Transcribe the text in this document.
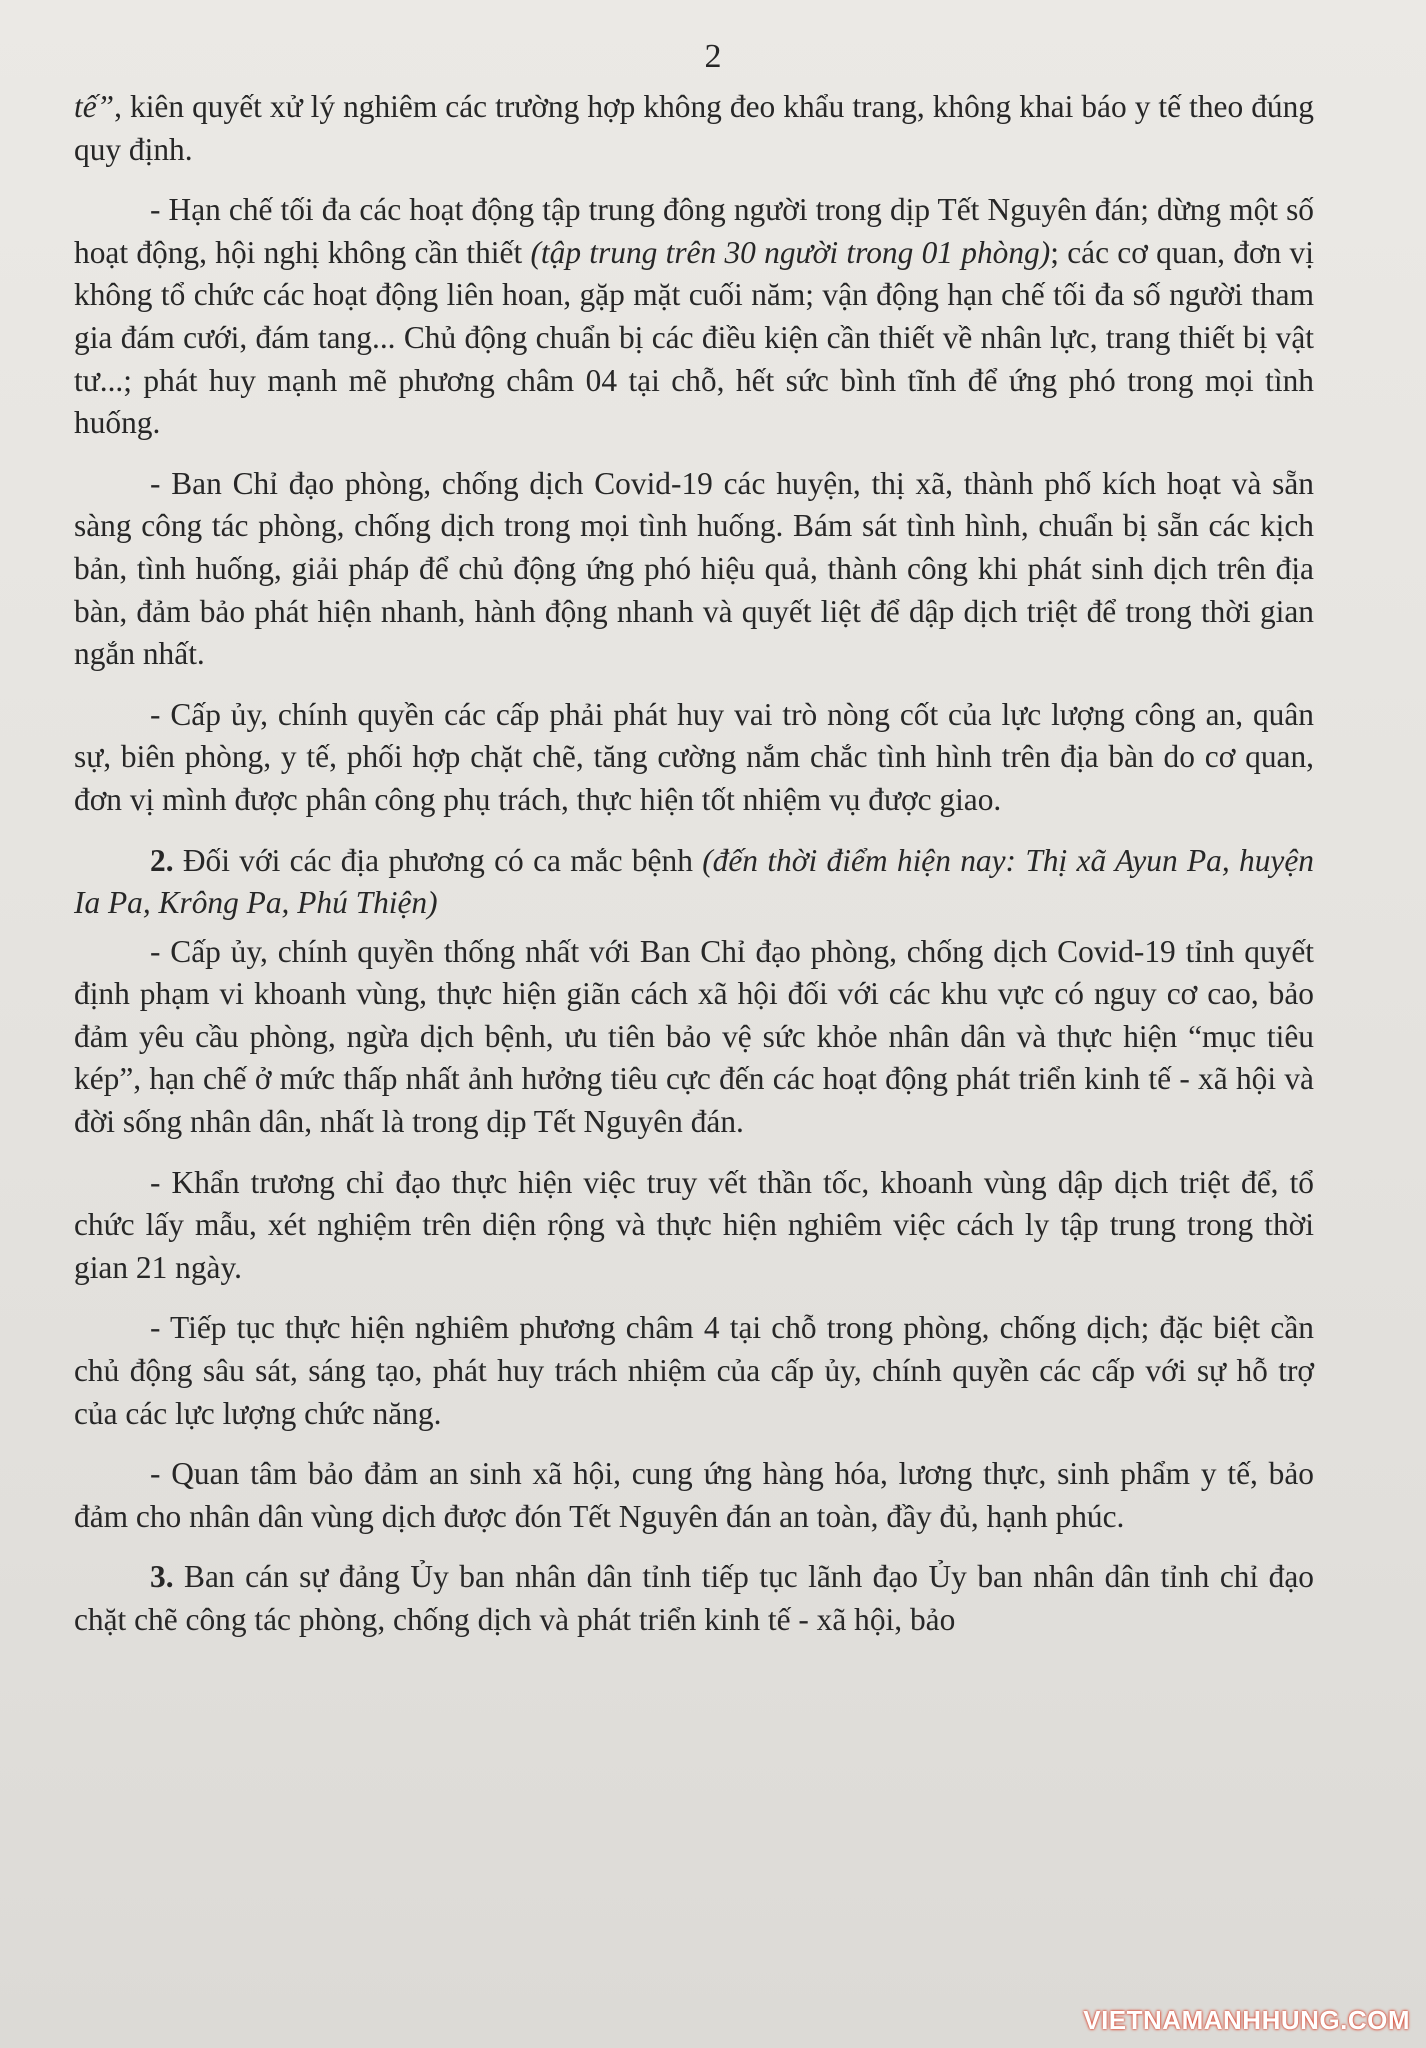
2

tế”, kiên quyết xử lý nghiêm các trường hợp không đeo khẩu trang, không khai báo y tế theo đúng quy định.

- Hạn chế tối đa các hoạt động tập trung đông người trong dịp Tết Nguyên đán; dừng một số hoạt động, hội nghị không cần thiết (tập trung trên 30 người trong 01 phòng); các cơ quan, đơn vị không tổ chức các hoạt động liên hoan, gặp mặt cuối năm; vận động hạn chế tối đa số người tham gia đám cưới, đám tang... Chủ động chuẩn bị các điều kiện cần thiết về nhân lực, trang thiết bị vật tư...; phát huy mạnh mẽ phương châm 04 tại chỗ, hết sức bình tĩnh để ứng phó trong mọi tình huống.

- Ban Chỉ đạo phòng, chống dịch Covid-19 các huyện, thị xã, thành phố kích hoạt và sẵn sàng công tác phòng, chống dịch trong mọi tình huống. Bám sát tình hình, chuẩn bị sẵn các kịch bản, tình huống, giải pháp để chủ động ứng phó hiệu quả, thành công khi phát sinh dịch trên địa bàn, đảm bảo phát hiện nhanh, hành động nhanh và quyết liệt để dập dịch triệt để trong thời gian ngắn nhất.

- Cấp ủy, chính quyền các cấp phải phát huy vai trò nòng cốt của lực lượng công an, quân sự, biên phòng, y tế, phối hợp chặt chẽ, tăng cường nắm chắc tình hình trên địa bàn do cơ quan, đơn vị mình được phân công phụ trách, thực hiện tốt nhiệm vụ được giao.

2. Đối với các địa phương có ca mắc bệnh (đến thời điểm hiện nay: Thị xã Ayun Pa, huyện Ia Pa, Krông Pa, Phú Thiện)

- Cấp ủy, chính quyền thống nhất với Ban Chỉ đạo phòng, chống dịch Covid-19 tỉnh quyết định phạm vi khoanh vùng, thực hiện giãn cách xã hội đối với các khu vực có nguy cơ cao, bảo đảm yêu cầu phòng, ngừa dịch bệnh, ưu tiên bảo vệ sức khỏe nhân dân và thực hiện “mục tiêu kép”, hạn chế ở mức thấp nhất ảnh hưởng tiêu cực đến các hoạt động phát triển kinh tế - xã hội và đời sống nhân dân, nhất là trong dịp Tết Nguyên đán.

- Khẩn trương chỉ đạo thực hiện việc truy vết thần tốc, khoanh vùng dập dịch triệt để, tổ chức lấy mẫu, xét nghiệm trên diện rộng và thực hiện nghiêm việc cách ly tập trung trong thời gian 21 ngày.

- Tiếp tục thực hiện nghiêm phương châm 4 tại chỗ trong phòng, chống dịch; đặc biệt cần chủ động sâu sát, sáng tạo, phát huy trách nhiệm của cấp ủy, chính quyền các cấp với sự hỗ trợ của các lực lượng chức năng.

- Quan tâm bảo đảm an sinh xã hội, cung ứng hàng hóa, lương thực, sinh phẩm y tế, bảo đảm cho nhân dân vùng dịch được đón Tết Nguyên đán an toàn, đầy đủ, hạnh phúc.

3. Ban cán sự đảng Ủy ban nhân dân tỉnh tiếp tục lãnh đạo Ủy ban nhân dân tỉnh chỉ đạo chặt chẽ công tác phòng, chống dịch và phát triển kinh tế - xã hội, bảo

VIETNAMANHHUNG.COM
